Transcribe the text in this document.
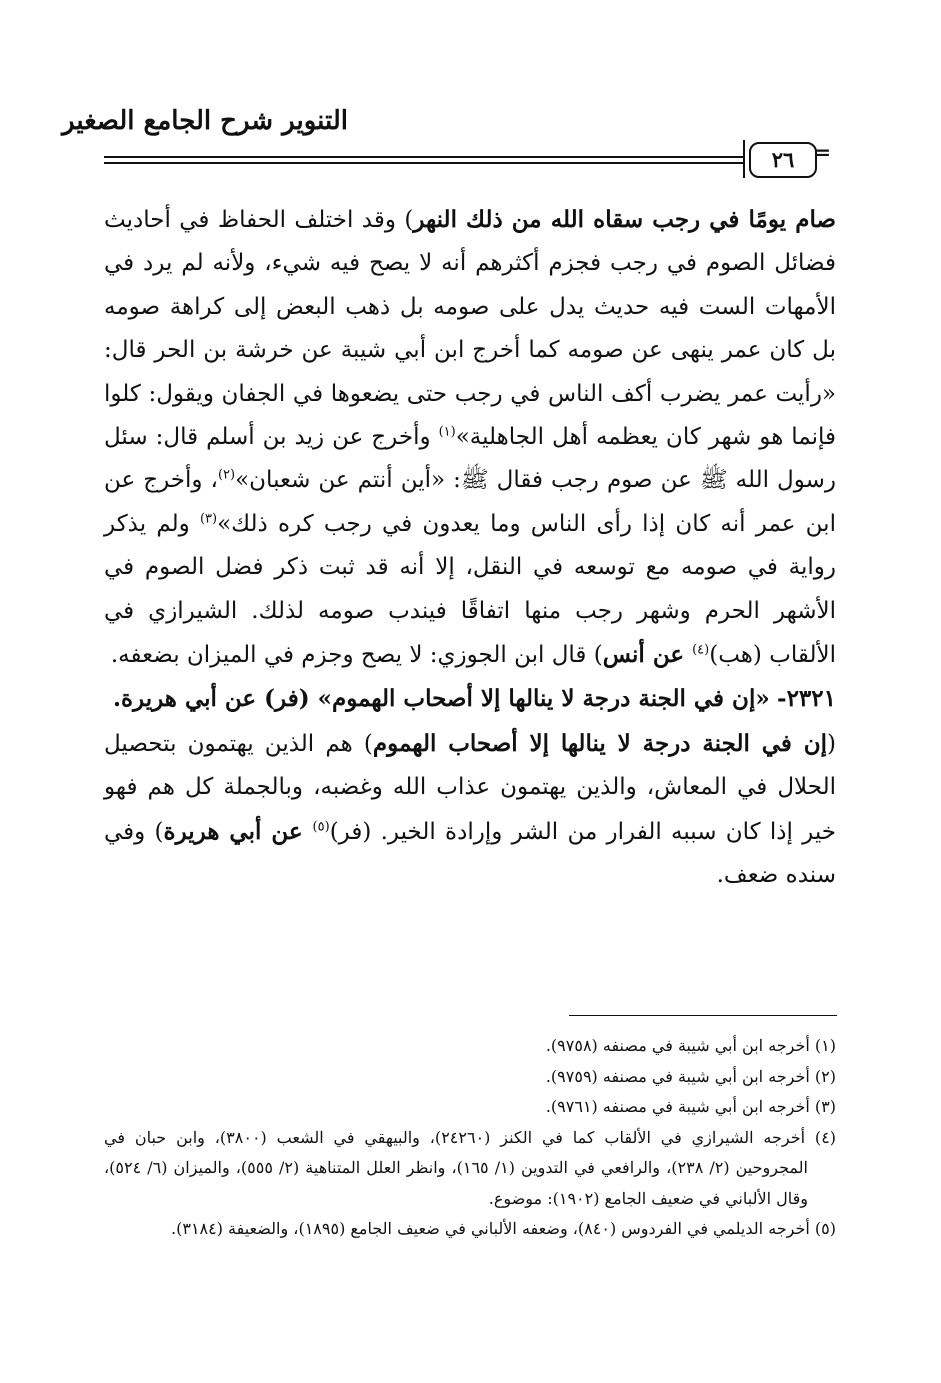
التنوير شرح الجامع الصغير
٢٦ =

صام يومًا في رجب سقاه الله من ذلك النهر) وقد اختلف الحفاظ في أحاديث فضائل الصوم في رجب فجزم أكثرهم أنه لا يصح فيه شيء، ولأنه لم يرد في الأمهات الست فيه حديث يدل على صومه بل ذهب البعض إلى كراهة صومه بل كان عمر ينهى عن صومه كما أخرج ابن أبي شيبة عن خرشة بن الحر قال: «رأيت عمر يضرب أكف الناس في رجب حتى يضعوها في الجفان ويقول: كلوا فإنما هو شهر كان يعظمه أهل الجاهلية»$^{(١)}$ وأخرج عن زيد بن أسلم قال: سئل رسول الله ﷺ عن صوم رجب فقال ﷺ: «أين أنتم عن شعبان»$^{(٢)}$، وأخرج عن ابن عمر أنه كان إذا رأى الناس وما يعدون في رجب كره ذلك»$^{(٣)}$ ولم يذكر رواية في صومه مع توسعه في النقل، إلا أنه قد ثبت ذكر فضل الصوم في الأشهر الحرم وشهر رجب منها اتفاقًا فيندب صومه لذلك. الشيرازي في الألقاب (هب)$^{(٤)}$ عن أنس) قال ابن الجوزي: لا يصح وجزم في الميزان بضعفه.

٢٣٢١- «إن في الجنة درجة لا ينالها إلا أصحاب الهموم» (فر) عن أبي هريرة.

(إن في الجنة درجة لا ينالها إلا أصحاب الهموم) هم الذين يهتمون بتحصيل الحلال في المعاش، والذين يهتمون عذاب الله وغضبه، وبالجملة كل هم فهو خير إذا كان سببه الفرار من الشر وإرادة الخير. (فر)$^{(٥)}$ عن أبي هريرة) وفي سنده ضعف.

(١) أخرجه ابن أبي شيبة في مصنفه (٩٧٥٨).

(٢) أخرجه ابن أبي شيبة في مصنفه (٩٧٥٩).

(٣) أخرجه ابن أبي شيبة في مصنفه (٩٧٦١).

(٤) أخرجه الشيرازي في الألقاب كما في الكنز (٢٤٢٦٠)، والبيهقي في الشعب (٣٨٠٠)، وابن حبان في المجروحين (٢/ ٢٣٨)، والرافعي في التدوين (١/ ١٦٥)، وانظر العلل المتناهية (٢/ ٥٥٥)، والميزان (٦/ ٥٢٤)، وقال الألباني في ضعيف الجامع (١٩٠٢): موضوع.

(٥) أخرجه الديلمي في الفردوس (٨٤٠)، وضعفه الألباني في ضعيف الجامع (١٨٩٥)، والضعيفة (٣١٨٤).
